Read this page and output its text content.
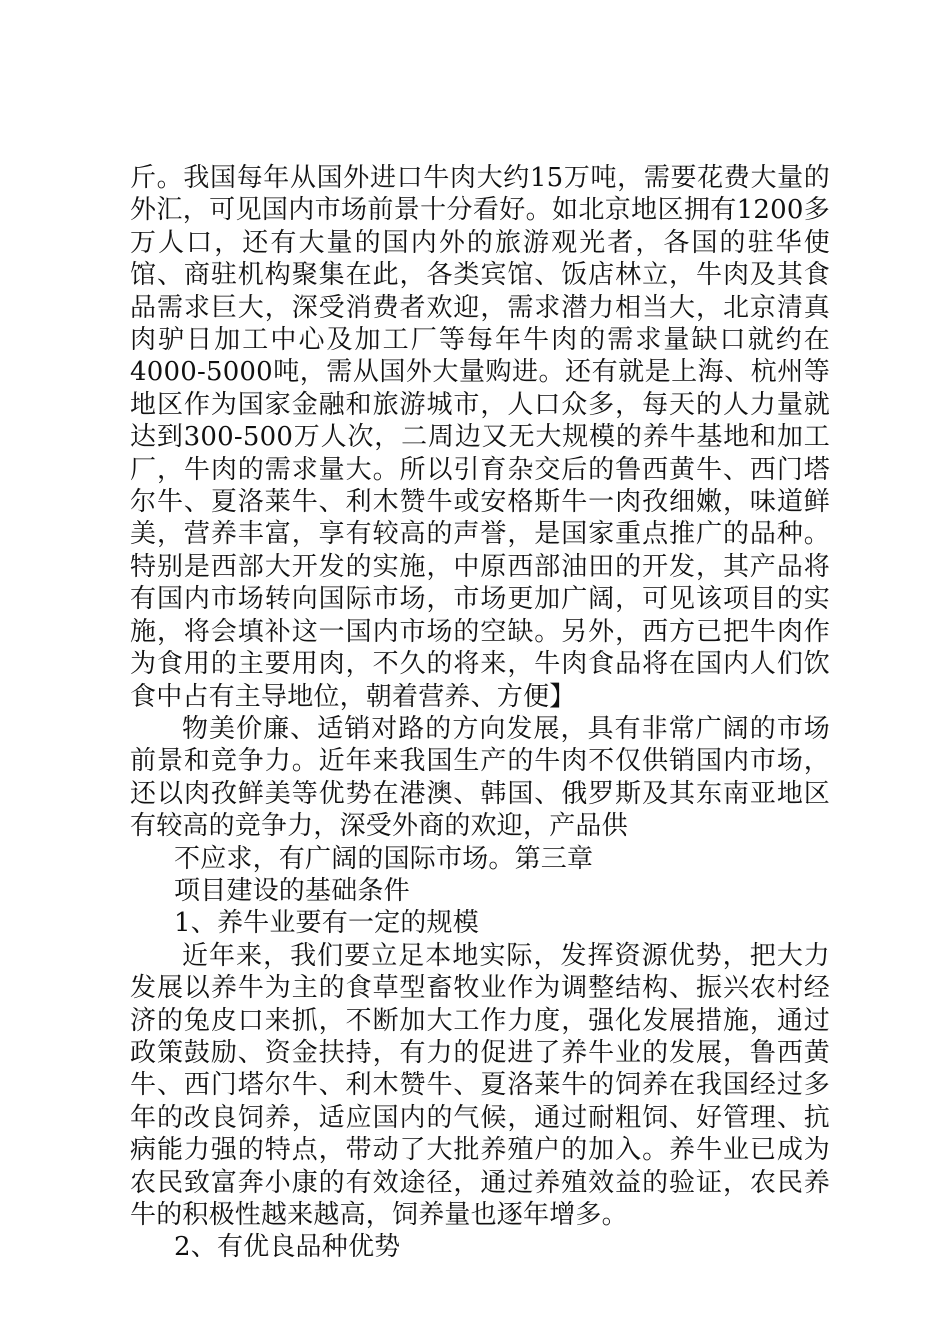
斤。我国每年从国外进口牛肉大约15万吨，需要花费大量的外汇，可见国内市场前景十分看好。如北京地区拥有1200多万人口，还有大量的国内外的旅游观光者，各国的驻华使馆、商驻机构聚集在此，各类宾馆、饭店林立，牛肉及其食品需求巨大，深受消费者欢迎，需求潜力相当大，北京清真肉驴日加工中心及加工厂等每年牛肉的需求量缺口就约在4000-5000吨，需从国外大量购进。还有就是上海、杭州等地区作为国家金融和旅游城市，人口众多，每天的人力量就达到300-500万人次，二周边又无大规模的养牛基地和加工厂，牛肉的需求量大。所以引育杂交后的鲁西黄牛、西门塔尔牛、夏洛莱牛、利木赞牛或安格斯牛一肉孜细嫩，味道鲜美，营养丰富，享有较高的声誉，是国家重点推广的品种。特别是西部大开发的实施，中原西部油田的开发，其产品将有国内市场转向国际市场，市场更加广阔，可见该项目的实施，将会填补这一国内市场的空缺。另外，西方已把牛肉作为食用的主要用肉，不久的将来，牛肉食品将在国内人们饮食中占有主导地位，朝着营养、方便】

物美价廉、适销对路的方向发展，具有非常广阔的市场前景和竞争力。近年来我国生产的牛肉不仅供销国内市场，还以肉孜鲜美等优势在港澳、韩国、俄罗斯及其东南亚地区有较高的竞争力，深受外商的欢迎，产品供

不应求，有广阔的国际市场。第三章

项目建设的基础条件

1、养牛业要有一定的规模

近年来，我们要立足本地实际，发挥资源优势，把大力发展以养牛为主的食草型畜牧业作为调整结构、振兴农村经济的兔皮口来抓，不断加大工作力度，强化发展措施，通过政策鼓励、资金扶持，有力的促进了养牛业的发展，鲁西黄牛、西门塔尔牛、利木赞牛、夏洛莱牛的饲养在我国经过多年的改良饲养，适应国内的气候，通过耐粗饲、好管理、抗病能力强的特点，带动了大批养殖户的加入。养牛业已成为农民致富奔小康的有效途径，通过养殖效益的验证，农民养牛的积极性越来越高，饲养量也逐年增多。

2、有优良品种优势
